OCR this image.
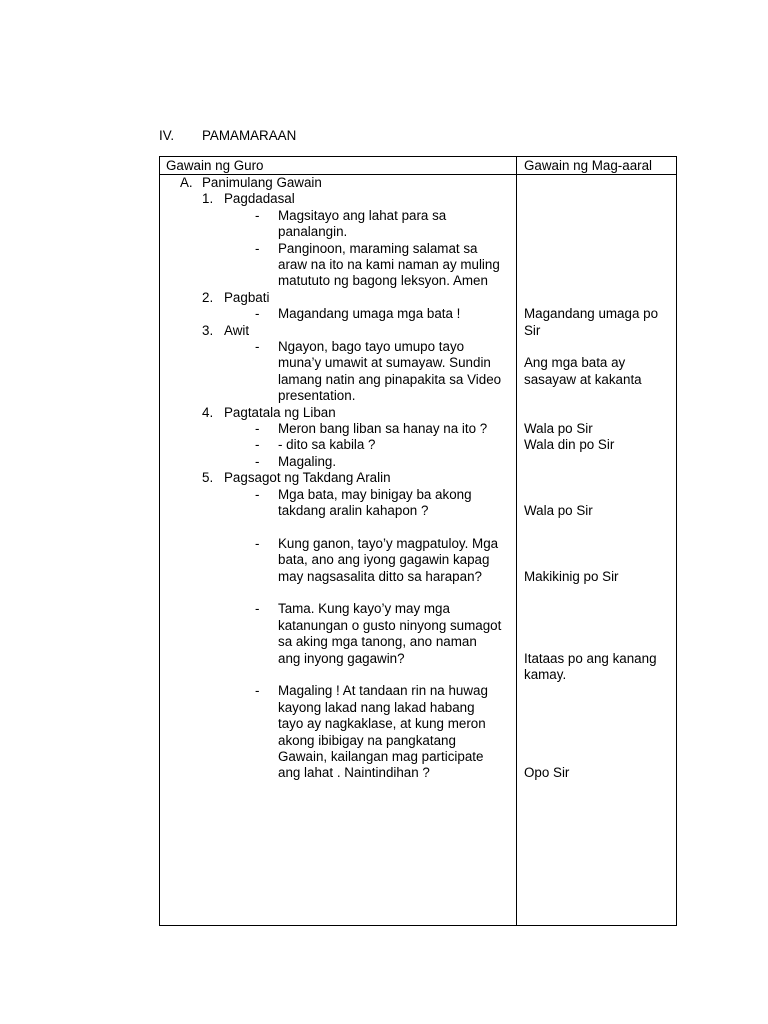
IV. PAMAMARAAN
Gawain ng Guro	Gawain ng Mag-aaral
A. Panimulang Gawain
1. Pagdadasal
- Magsitayo ang lahat para sa
panalangin.
- Panginoon, maraming salamat sa
araw na ito na kami naman ay muling
matututo ng bagong leksyon. Amen
2. Pagbati
- Magandang umaga mga bata !
3. Awit
- Ngayon, bago tayo umupo tayo
muna’y umawit at sumayaw. Sundin
lamang natin ang pinapakita sa Video
presentation.
4. Pagtatala ng Liban
- Meron bang liban sa hanay na ito ?
- - dito sa kabila ?
- Magaling.
5. Pagsagot ng Takdang Aralin
- Mga bata, may binigay ba akong
takdang aralin kahapon ?
- Kung ganon, tayo’y magpatuloy. Mga
bata, ano ang iyong gagawin kapag
may nagsasalita ditto sa harapan?
- Tama. Kung kayo’y may mga
katanungan o gusto ninyong sumagot
sa aking mga tanong, ano naman
ang inyong gagawin?
- Magaling ! At tandaan rin na huwag
kayong lakad nang lakad habang
tayo ay nagkaklase, at kung meron
akong ibibigay na pangkatang
Gawain, kailangan mag participate
ang lahat . Naintindihan ?
Magandang umaga po
Sir
Ang mga bata ay
sasayaw at kakanta
Wala po Sir
Wala din po Sir
Wala po Sir
Makikinig po Sir
Itataas po ang kanang
kamay.
Opo Sir
